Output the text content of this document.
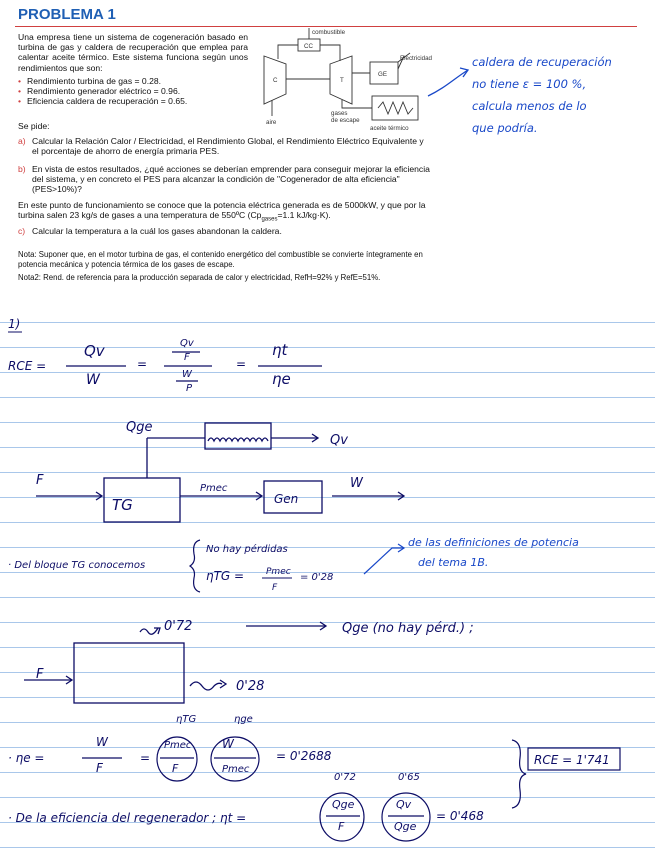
PROBLEMA 1
Una empresa tiene un sistema de cogeneración basado en turbina de gas y caldera de recuperación que emplea para calentar aceite térmico. Este sistema funciona según unos rendimientos que son:
• Rendimiento turbina de gas = 0.28.
• Rendimiento generador eléctrico = 0.96.
• Eficiencia caldera de recuperación = 0.65.
Se pide:
a) Calcular la Relación Calor / Electricidad, el Rendimiento Global, el Rendimiento Eléctrico Equivalente y el porcentaje de ahorro de energía primaria PES.
b) En vista de estos resultados, ¿qué acciones se deberían emprender para conseguir mejorar la eficiencia del sistema, y en concreto el PES para alcanzar la condición de "Cogenerador de alta eficiencia" (PES>10%)?
En este punto de funcionamiento se conoce que la potencia eléctrica generada es de 5000kW, y que por la turbina salen 23 kg/s de gases a una temperatura de 550ºC ($Cp_{gases}=1.1$ kJ/kg·K).
c) Calcular la temperatura a la cuál los gases abandonan la caldera.
Nota: Suponer que, en el motor turbina de gas, el contenido energético del combustible se convierte íntegramente en potencia mecánica y potencia térmica de los gases de escape.
Nota2: Rend. de referencia para la producción separada de calor y electricidad, RefH=92% y RefE=51%.
combustible
CC
C	T
GE
Electricidad
aire
gases
de escape
aceite térmico
caldera de recuperación
no tiene ε = 100 %,
calcula menos de lo
que podría.
1)
RCE =
Qv
W
=
Qv
F
W
P
=
ηt
ηe
Qge
Qv
F
TG
Pmec
Gen
W
· Del bloque TG conocemos
No hay pérdidas
ηTG = Pmec
F
= 0'28
de las definiciones de potencia
del tema 1B.
0'72	Qge (no hay pérd.) ;
F
0'28
ηTG	ηge
· ηe =
W
F
=
Pmec
F
W
Pmec
= 0'2688	RCE = 1'741
0'72	0'65
· De la eficiencia del regenerador ; ηt =
Qge
F
Qv
Qge
= 0'468
